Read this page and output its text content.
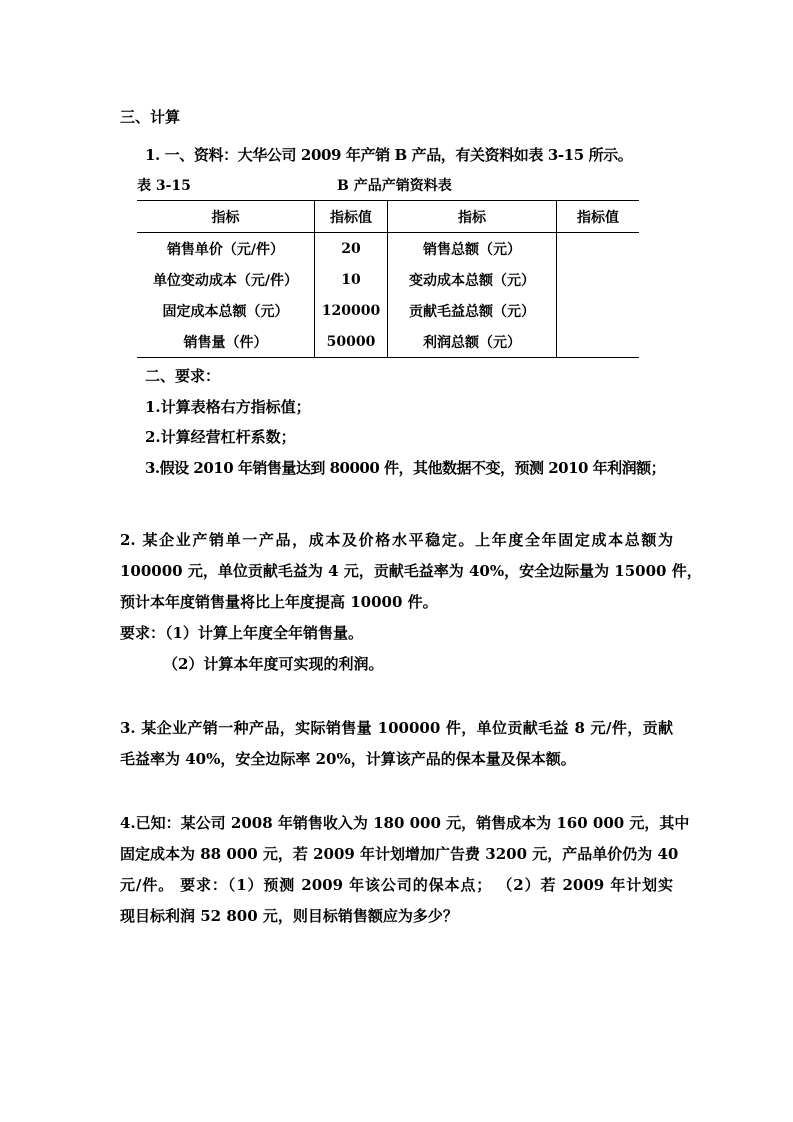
三、计算
1. 一、资料：大华公司 2009 年产销 B 产品，有关资料如表 3-15 所示。
表 3-15	B 产品产销资料表
指标	指标值	指标	指标值
销售单价（元/件）	20	销售总额（元）	
单位变动成本（元/件）	10	变动成本总额（元）	
固定成本总额（元）	120000	贡献毛益总额（元）	
销售量（件）	50000	利润总额（元）	
二、要求：
1.计算表格右方指标值；
2.计算经营杠杆系数；
3.假设 2010 年销售量达到 80000 件，其他数据不变，预测 2010 年利润额；
2. 某企业产销单一产品，成本及价格水平稳定。上年度全年固定成本总额为
100000 元，单位贡献毛益为 4 元，贡献毛益率为 40%，安全边际量为 15000 件，
预计本年度销售量将比上年度提高 10000 件。
要求：（1）计算上年度全年销售量。
（2）计算本年度可实现的利润。
3. 某企业产销一种产品，实际销售量 100000 件，单位贡献毛益 8 元/件，贡献
毛益率为 40%，安全边际率 20%，计算该产品的保本量及保本额。
4.已知：某公司 2008 年销售收入为 180 000 元，销售成本为 160 000 元，其中
固定成本为 88 000 元，若 2009 年计划增加广告费 3200 元，产品单价仍为 40
元/件。 要求：（1）预测 2009 年该公司的保本点； （2）若 2009 年计划实
现目标利润 52 800 元，则目标销售额应为多少？
